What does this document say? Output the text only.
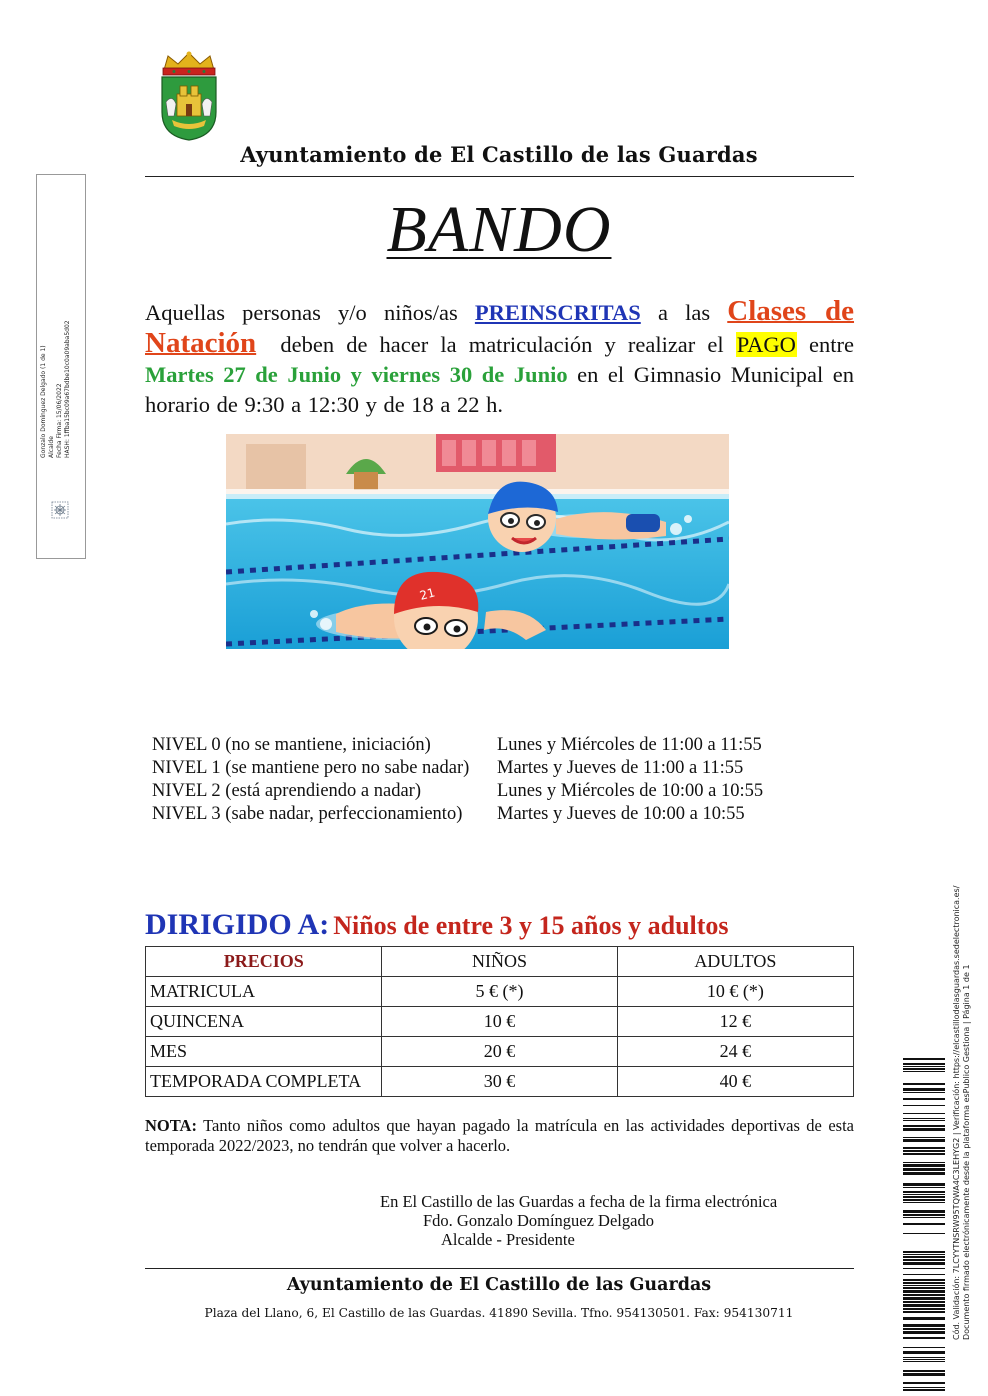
Gonzalo Domínguez Delgado (1 de 1) Alcalde Fecha Firma: 15/06/2022 HASH: 1ffba15bc09a67bdbe10c0a09aba5d02
Ayuntamiento de El Castillo de las Guardas
BANDO
Aquellas personas y/o niños/as PREINSCRITAS a las Clases de Natación deben de hacer la matriculación y realizar el PAGO entre Martes 27 de Junio y viernes 30 de Junio en el Gimnasio Municipal en horario de 9:30 a 12:30 y de 18 a 22 h.
21
NIVEL 0 (no se mantiene, iniciación)	Lunes y Miércoles de 11:00 a 11:55
NIVEL 1 (se mantiene pero no sabe nadar) Martes y Jueves de 11:00 a 11:55
NIVEL 2 (está aprendiendo a nadar)	Lunes y Miércoles de 10:00 a 10:55
NIVEL 3 (sabe nadar, perfeccionamiento) Martes y Jueves de 10:00 a 10:55
DIRIGIDO A: Niños de entre 3 y 15 años y adultos
PRECIOS	NIÑOS	ADULTOS
MATRICULA	5 € (*)	10 € (*)
QUINCENA	10 €	12 €
MES	20 €	24 €
TEMPORADA COMPLETA	30 €	40 €
NOTA: Tanto niños como adultos que hayan pagado la matrícula en las actividades deportivas de esta temporada 2022/2023, no tendrán que volver a hacerlo.
En El Castillo de las Guardas a fecha de la firma electrónica
Fdo. Gonzalo Domínguez Delgado
Alcalde - Presidente
Ayuntamiento de El Castillo de las Guardas
Plaza del Llano, 6, El Castillo de las Guardas. 41890 Sevilla. Tfno. 954130501. Fax: 954130711	Cód. Validación: 7LCYYTNSRW95TQWA4C3LEHYG2 | Verificación: https://elcastillodelasguardas.sedelectronica.es/ Documento firmado electrónicamente desde la plataforma esPublico Gestiona | Página 1 de 1
